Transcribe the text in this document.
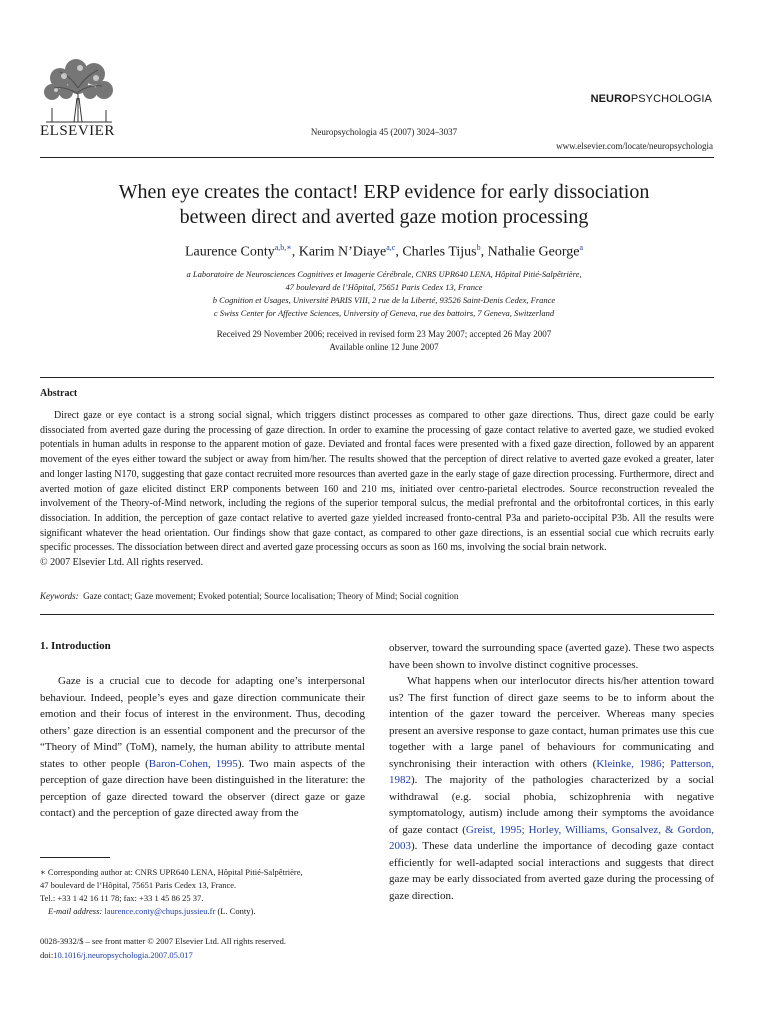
ELSEVIER	Neuropsychologia 45 (2007) 3024–3037
NEUROPSYCHOLOGIA
www.elsevier.com/locate/neuropsychologia
When eye creates the contact! ERP evidence for early dissociation
between direct and averted gaze motion processing
Laurence Conty$^{a,b,∗}$, Karim N’Diaye$^{a,c}$, Charles Tijus$^b$, Nathalie George$^a$
a Laboratoire de Neurosciences Cognitives et Imagerie Cérébrale, CNRS UPR640 LENA, Hôpital Pitié-Salpêtrière,
47 boulevard de l’Hôpital, 75651 Paris Cedex 13, France
b Cognition et Usages, Université PARIS VIII, 2 rue de la Liberté, 93526 Saint-Denis Cedex, France
c Swiss Center for Affective Sciences, University of Geneva, rue des battoirs, 7 Geneva, Switzerland
Received 29 November 2006; received in revised form 23 May 2007; accepted 26 May 2007
Available online 12 June 2007
Abstract
Direct gaze or eye contact is a strong social signal, which triggers distinct processes as compared to other gaze directions. Thus, direct gaze could be early dissociated from averted gaze during the processing of gaze direction. In order to examine the processing of gaze contact relative to averted gaze, we studied evoked potentials in human adults in response to the apparent motion of gaze. Deviated and frontal faces were presented with a fixed gaze direction, followed by an apparent movement of the eyes either toward the subject or away from him/her. The results showed that the perception of direct relative to averted gaze evoked a greater, later and longer lasting N170, suggesting that gaze contact recruited more resources than averted gaze in the early stage of gaze direction processing. Furthermore, direct and averted motion of gaze elicited distinct ERP components between 160 and 210 ms, initiated over centro-parietal electrodes. Source reconstruction revealed the involvement of the Theory-of-Mind network, including the regions of the superior temporal sulcus, the medial prefrontal and the orbitofrontal cortices, in this early dissociation. In addition, the perception of gaze contact relative to averted gaze yielded increased fronto-central P3a and parieto-occipital P3b. All the results were significant whatever the head orientation. Our findings show that gaze contact, as compared to other gaze directions, is an essential social cue which recruits early specific processes. The dissociation between direct and averted gaze processing occurs as soon as 160 ms, involving the social brain network.
© 2007 Elsevier Ltd. All rights reserved.
Keywords: Gaze contact; Gaze movement; Evoked potential; Source localisation; Theory of Mind; Social cognition
1. Introduction
Gaze is a crucial cue to decode for adapting one’s interpersonal behaviour. Indeed, people’s eyes and gaze direction communicate their emotion and their focus of interest in the environment. Thus, decoding others’ gaze direction is an essential component and the precursor of the “Theory of Mind” (ToM), namely, the human ability to attribute mental states to other people (Baron-Cohen, 1995). Two main aspects of the perception of gaze direction have been distinguished in the literature: the perception of gaze directed toward the observer (direct gaze or gaze contact) and the perception of gaze directed away from the

observer, toward the surrounding space (averted gaze). These two aspects have been shown to involve distinct cognitive processes.

What happens when our interlocutor directs his/her attention toward us? The first function of direct gaze seems to be to inform about the intention of the gazer toward the perceiver. Whereas many species present an aversive response to gaze contact, human primates use this cue together with a large panel of behaviours for communicating and synchronising their interaction with others (Kleinke, 1986; Patterson, 1982). The majority of the pathologies characterized by a social withdrawal (e.g. social phobia, schizophrenia with negative symptomatology, autism) include among their symptoms the avoidance of gaze contact (Greist, 1995; Horley, Williams, Gonsalvez, & Gordon, 2003). These data underline the importance of decoding gaze contact efficiently for well-adapted social interactions and suggests that direct gaze may be early dissociated from averted gaze during the processing of gaze direction.

∗ Corresponding author at: CNRS UPR640 LENA, Hôpital Pitié-Salpêtrière,
47 boulevard de l’Hôpital, 75651 Paris Cedex 13, France.
Tel.: +33 1 42 16 11 78; fax: +33 1 45 86 25 37.
E-mail address: laurence.conty@chups.jussieu.fr (L. Conty).
0028-3932/$ – see front matter © 2007 Elsevier Ltd. All rights reserved.
doi:10.1016/j.neuropsychologia.2007.05.017
